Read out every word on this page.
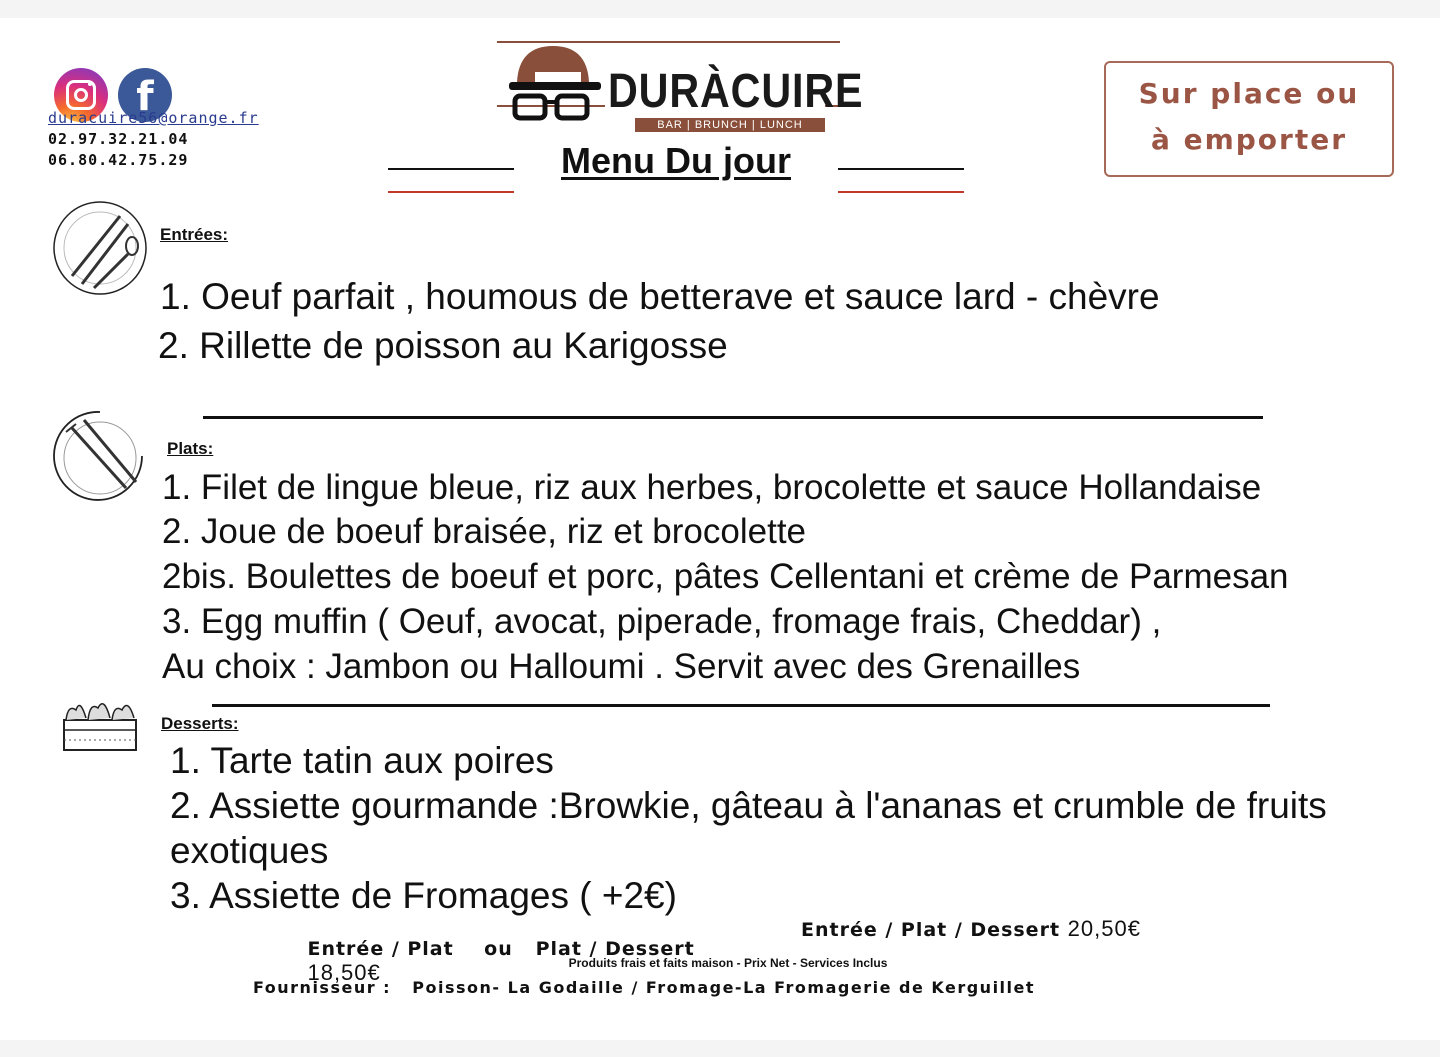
f
duracuire56@orange.fr
02.97.32.21.04
06.80.42.75.29
DURÀCUIRE
BAR | BRUNCH | LUNCH
Menu Du jour
Sur place ou
à emporter
Entrées:
1. Oeuf parfait , houmous de betterave et sauce lard - chèvre
2. Rillette de poisson au Karigosse
Plats:
1. Filet de lingue bleue, riz aux herbes, brocolette et sauce Hollandaise
2. Joue de boeuf braisée, riz et brocolette
2bis. Boulettes de boeuf et porc, pâtes Cellentani et crème de Parmesan
3. Egg muffin ( Oeuf, avocat, piperade, fromage frais, Cheddar) ,
Au choix : Jambon ou Halloumi . Servit avec des Grenailles
Desserts:
1. Tarte tatin aux poires
2. Assiette gourmande :Browkie, gâteau à l'ananas et crumble de fruits
exotiques
3. Assiette de Fromages ( +2€)

Entrée / Plat    ou   Plat / Dessert
18,50€

Entrée / Plat / Dessert 20,50€
Produits frais et faits maison - Prix Net - Services Inclus
Fournisseur :   Poisson- La Godaille / Fromage-La Fromagerie de Kerguillet
